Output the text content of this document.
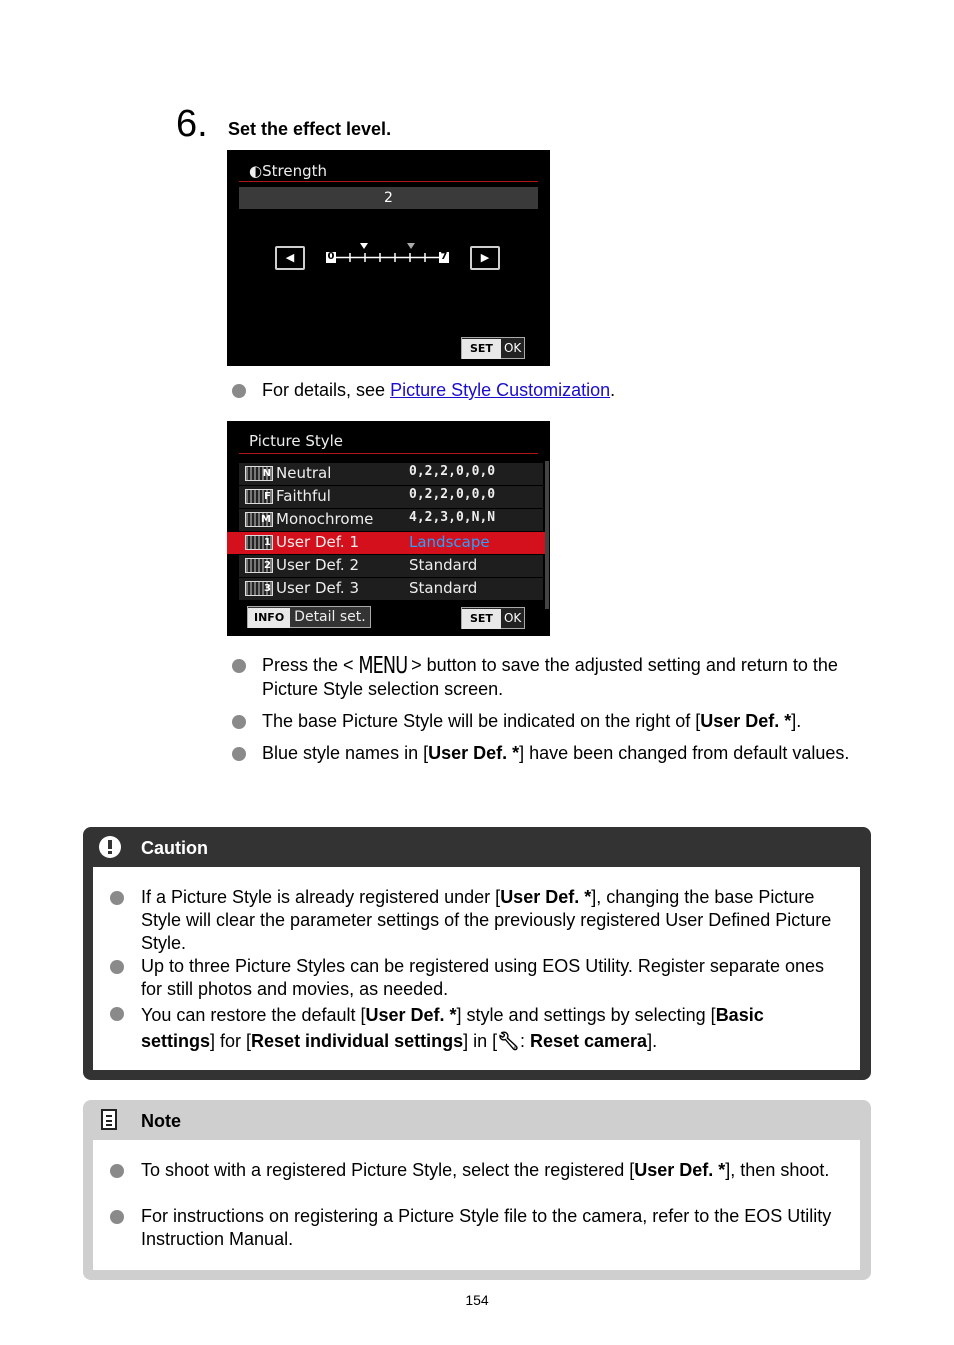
6. Set the effect level.
◐Strength
2
◀	▶
0	7
SET OK
For details, see Picture Style Customization.
Picture Style
N Neutral	0,2,2,0,0,0
F Faithful	0,2,2,0,0,0
M Monochrome	4,2,3,0,N,N
1 User Def. 1	Landscape
2 User Def. 2	Standard
3 User Def. 3	Standard
INFO Detail set.	SET OK
Press the < MENU > button to save the adjusted setting and return to the Picture Style selection screen.
The base Picture Style will be indicated on the right of [User Def. *].
Blue style names in [User Def. *] have been changed from default values.
Caution
If a Picture Style is already registered under [User Def. *], changing the base Picture Style will clear the parameter settings of the previously registered User Defined Picture Style.
Up to three Picture Styles can be registered using EOS Utility. Register separate ones for still photos and movies, as needed.
You can restore the default [User Def. *] style and settings by selecting [Basic settings] for [Reset individual settings] in [🔧︎: Reset camera].
Note
To shoot with a registered Picture Style, select the registered [User Def. *], then shoot.
For instructions on registering a Picture Style file to the camera, refer to the EOS Utility Instruction Manual.
154
